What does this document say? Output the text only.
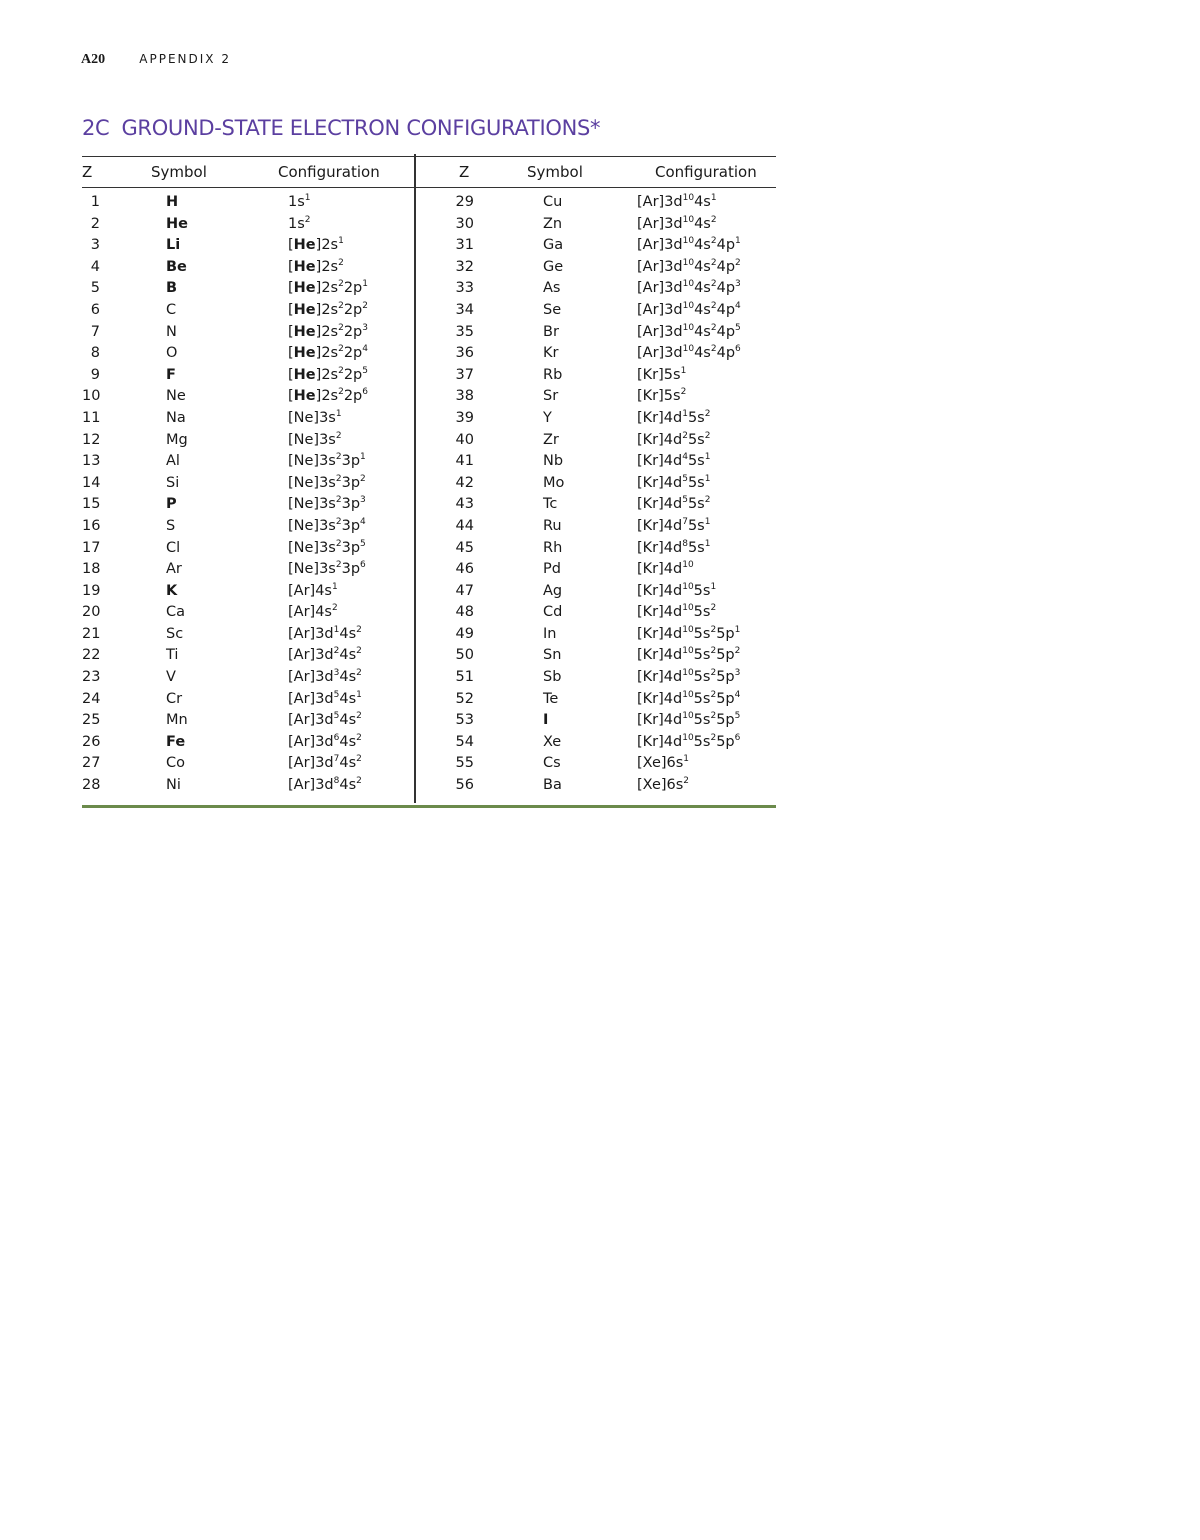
A20	APPENDIX 2
2C GROUND-STATE ELECTRON CONFIGURATIONS*
Z	Symbol	Configuration	Z	Symbol	Configuration
1	H	$1s^1$	29	Cu	$[Ar]3d^{10}4s^1$
2	He	$1s^2$	30	Zn	$[Ar]3d^{10}4s^2$
3	Li	$[He]2s^1$	31	Ga	$[Ar]3d^{10}4s^24p^1$
4	Be	$[He]2s^2$	32	Ge	$[Ar]3d^{10}4s^24p^2$
5	B	$[He]2s^22p^1$	33	As	$[Ar]3d^{10}4s^24p^3$
6	C	$[He]2s^22p^2$	34	Se	$[Ar]3d^{10}4s^24p^4$
7	N	$[He]2s^22p^3$	35	Br	$[Ar]3d^{10}4s^24p^5$
8	O	$[He]2s^22p^4$	36	Kr	$[Ar]3d^{10}4s^24p^6$
9	F	$[He]2s^22p^5$	37	Rb	$[Kr]5s^1$
10	Ne	$[He]2s^22p^6$	38	Sr	$[Kr]5s^2$
11	Na	$[Ne]3s^1$	39	Y	$[Kr]4d^15s^2$
12	Mg	$[Ne]3s^2$	40	Zr	$[Kr]4d^25s^2$
13	Al	$[Ne]3s^23p^1$	41	Nb	$[Kr]4d^45s^1$
14	Si	$[Ne]3s^23p^2$	42	Mo	$[Kr]4d^55s^1$
15	P	$[Ne]3s^23p^3$	43	Tc	$[Kr]4d^55s^2$
16	S	$[Ne]3s^23p^4$	44	Ru	$[Kr]4d^75s^1$
17	Cl	$[Ne]3s^23p^5$	45	Rh	$[Kr]4d^85s^1$
18	Ar	$[Ne]3s^23p^6$	46	Pd	$[Kr]4d^{10}$
19	K	$[Ar]4s^1$	47	Ag	$[Kr]4d^{10}5s^1$
20	Ca	$[Ar]4s^2$	48	Cd	$[Kr]4d^{10}5s^2$
21	Sc	$[Ar]3d^14s^2$	49	In	$[Kr]4d^{10}5s^25p^1$
22	Ti	$[Ar]3d^24s^2$	50	Sn	$[Kr]4d^{10}5s^25p^2$
23	V	$[Ar]3d^34s^2$	51	Sb	$[Kr]4d^{10}5s^25p^3$
24	Cr	$[Ar]3d^54s^1$	52	Te	$[Kr]4d^{10}5s^25p^4$
25	Mn	$[Ar]3d^54s^2$	53	I	$[Kr]4d^{10}5s^25p^5$
26	Fe	$[Ar]3d^64s^2$	54	Xe	$[Kr]4d^{10}5s^25p^6$
27	Co	$[Ar]3d^74s^2$	55	Cs	$[Xe]6s^1$
28	Ni	$[Ar]3d^84s^2$	56	Ba	$[Xe]6s^2$
